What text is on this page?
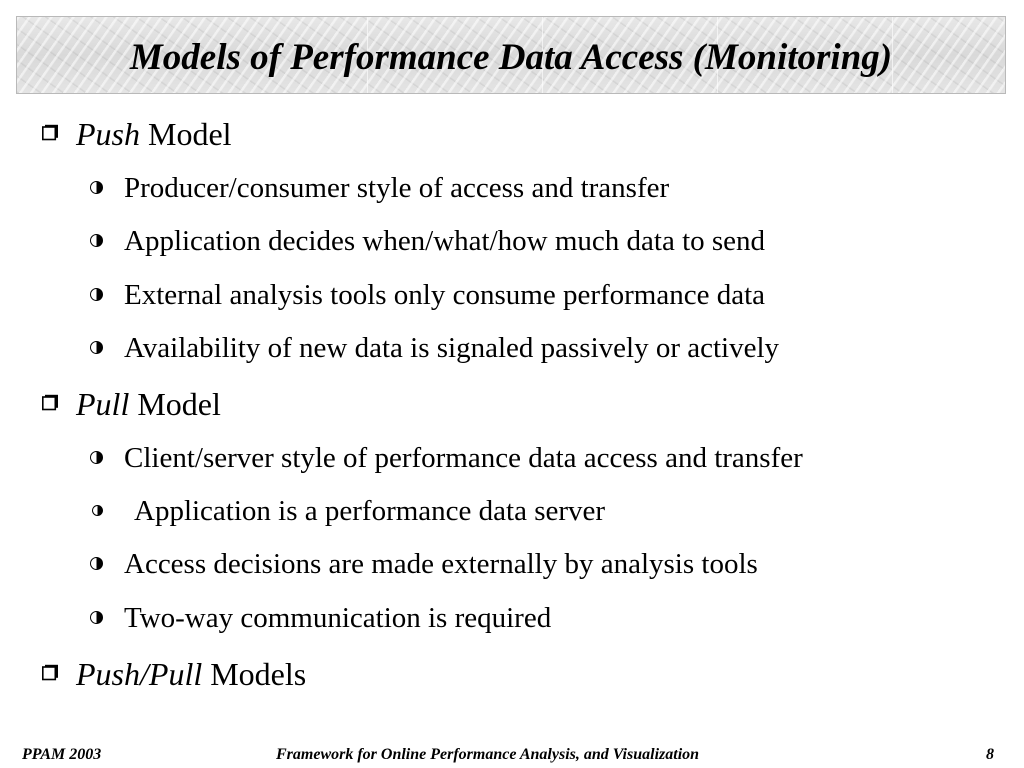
Models of Performance Data Access (Monitoring)
Push Model
Producer/consumer style of access and transfer
Application decides when/what/how much data to send
External analysis tools only consume performance data
Availability of new data is signaled passively or actively
Pull Model
Client/server style of performance data access and transfer
Application is a performance data server
Access decisions are made externally by analysis tools
Two-way communication is required
Push/Pull Models
PPAM 2003	Framework for Online Performance Analysis, and Visualization	8
